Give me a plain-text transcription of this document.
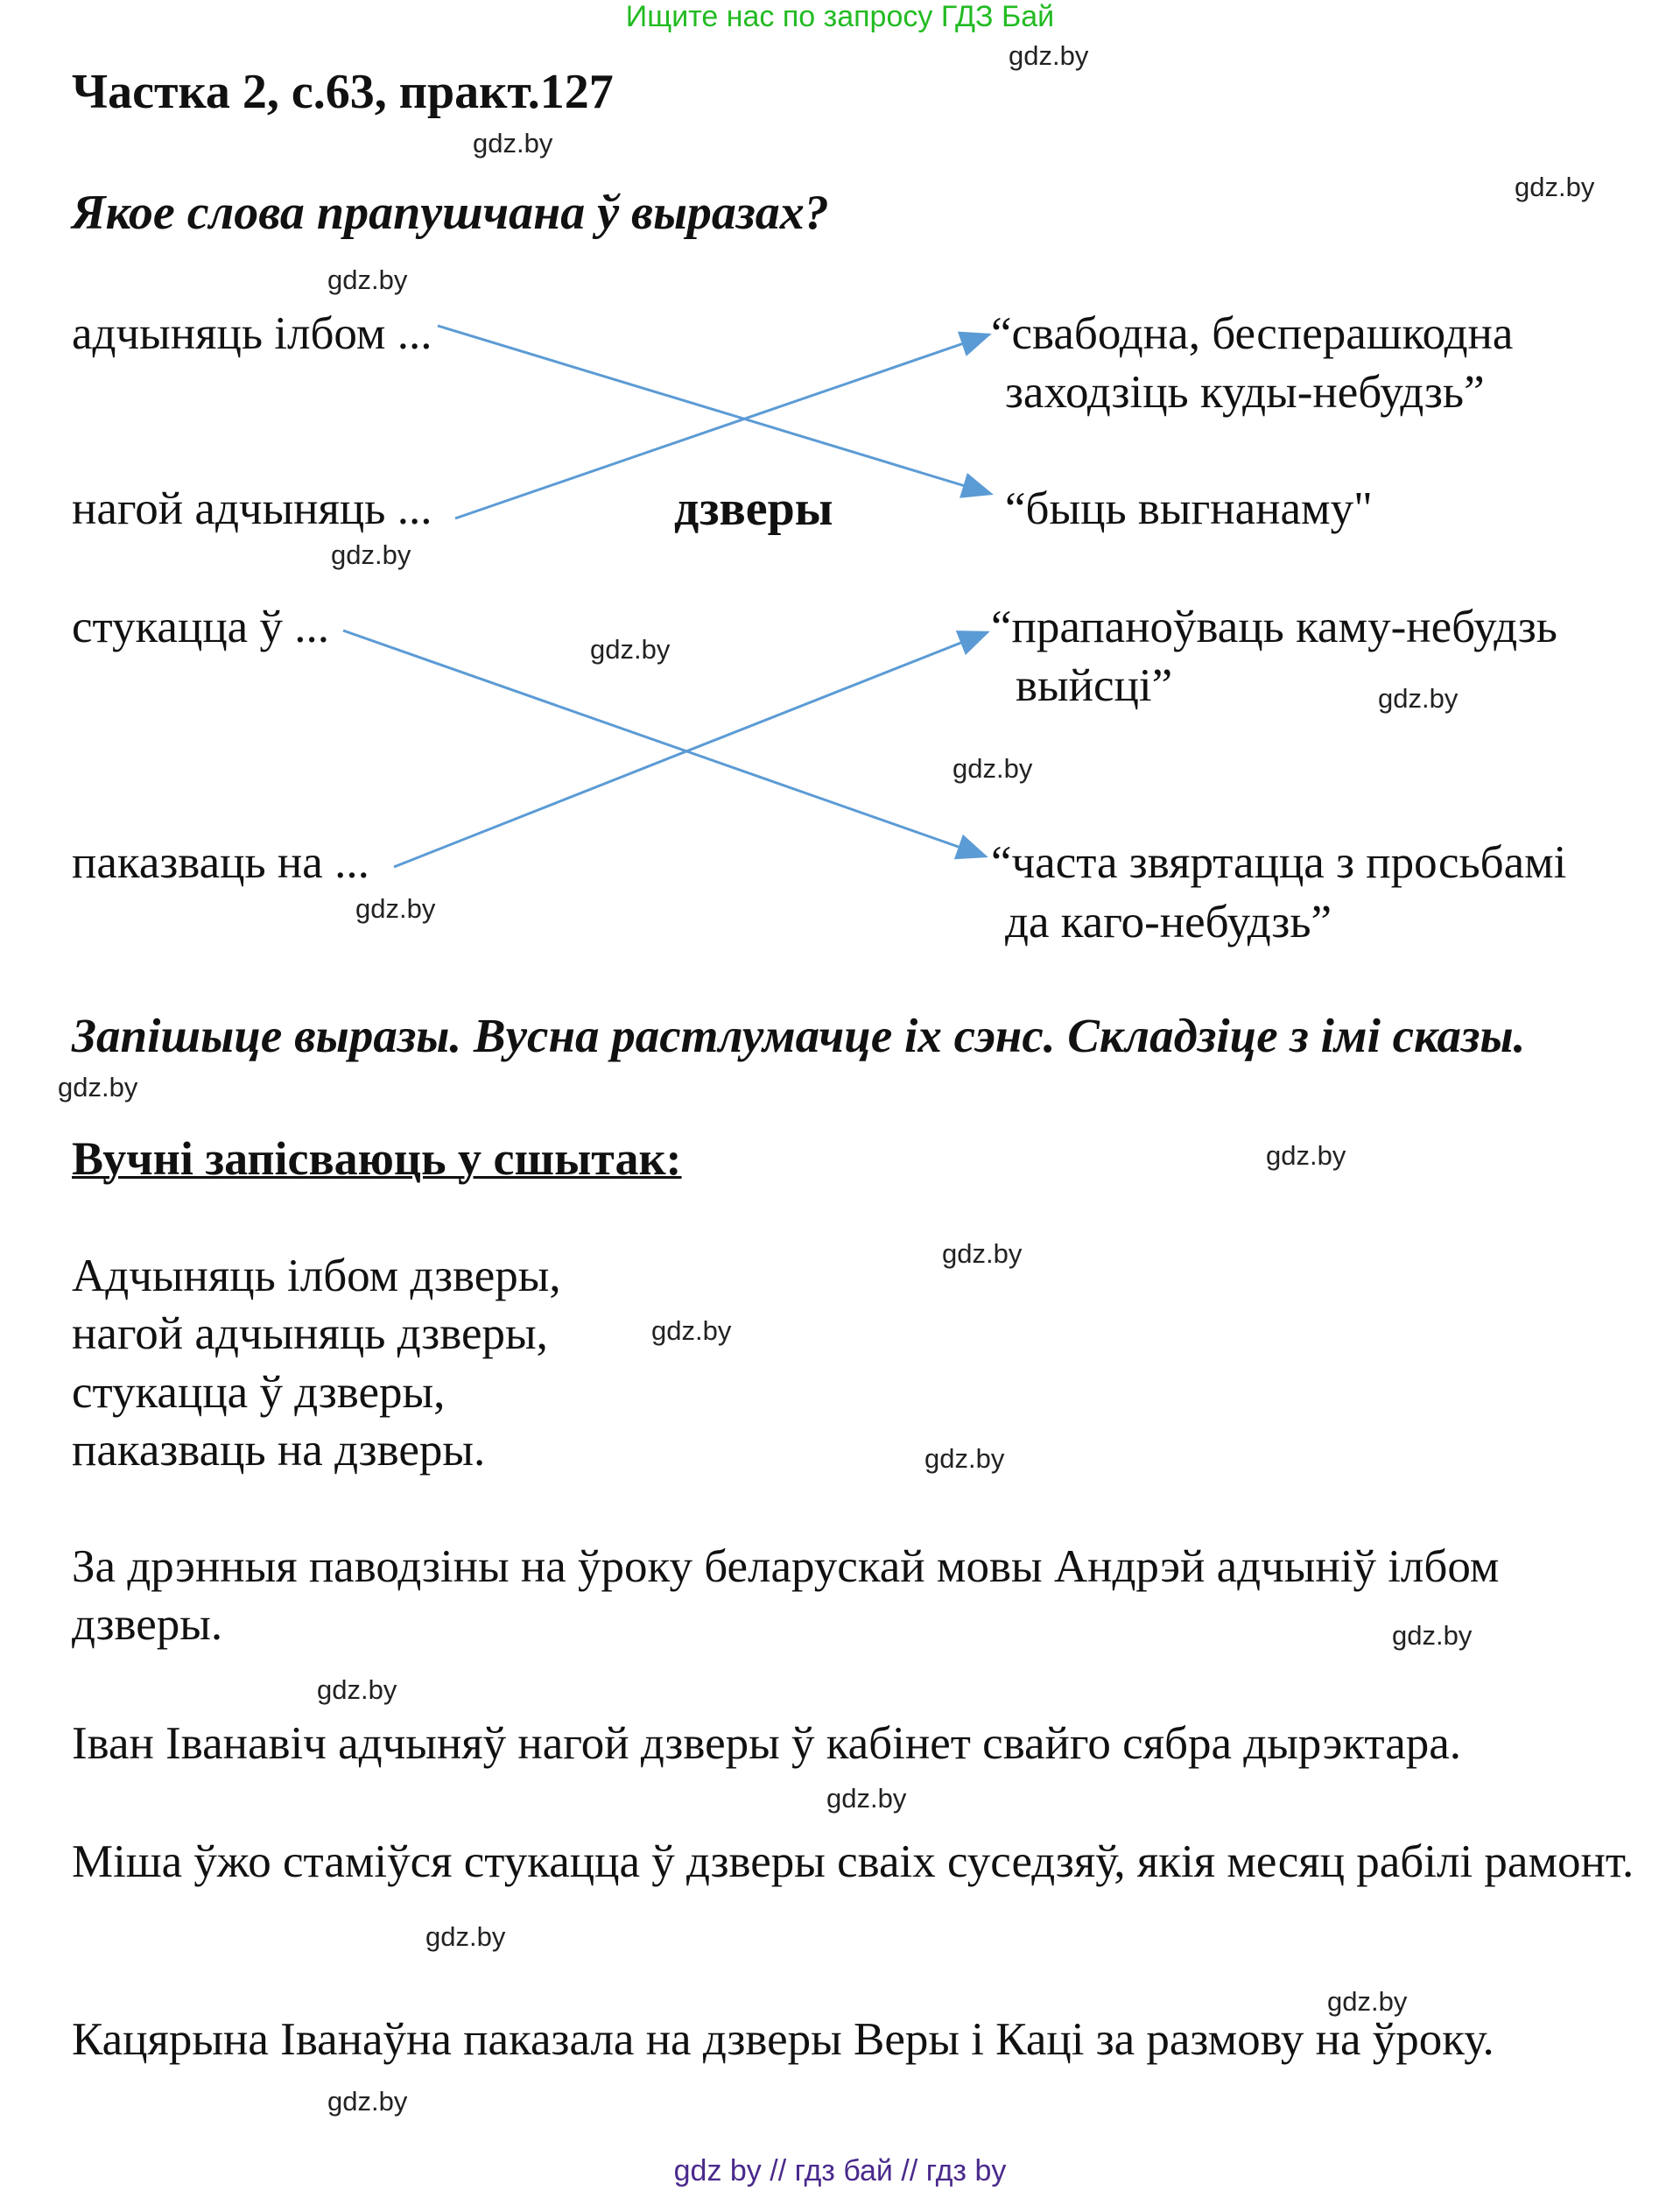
Ищите нас по запросу ГДЗ Бай
Частка 2, с.63, практ.127
Якое слова прапушчана ў выразах?
адчыняць ілбом ...
нагой адчыняць ...
стукацца ў ...
паказваць на ...
дзверы
“свабодна, бесперашкодна
заходзіць куды-небудзь”
“быць выгнанаму"
“прапаноўваць каму-небудзь
выйсці”
“часта звяртацца з просьбамі
да каго-небудзь”
Запішыце выразы. Вусна растлумачце іх сэнс. Складзіце з імі сказы.
Вучні запісваюць у сшытак:
Адчыняць ілбом дзверы,
нагой адчыняць дзверы,
стукацца ў дзверы,
паказваць на дзверы.
За дрэнныя паводзіны на ўроку беларускай мовы Андрэй адчыніў ілбом дзверы.
Іван Іванавіч адчыняў нагой дзверы ў кабінет свайго сябра дырэктара.
Міша ўжо стаміўся стукацца ў дзверы сваіх суседзяў, якія месяц рабілі рамонт.
Кацярына Іванаўна паказала на дзверы Веры і Каці за размову на ўроку.
gdz.by
gdz.by
gdz.by
gdz.by
gdz.by
gdz.by
gdz.by
gdz.by
gdz.by
gdz.by
gdz.by
gdz.by
gdz.by
gdz.by
gdz.by
gdz.by
gdz.by
gdz.by
gdz.by
gdz.by
gdz by // гдз бай // гдз by
